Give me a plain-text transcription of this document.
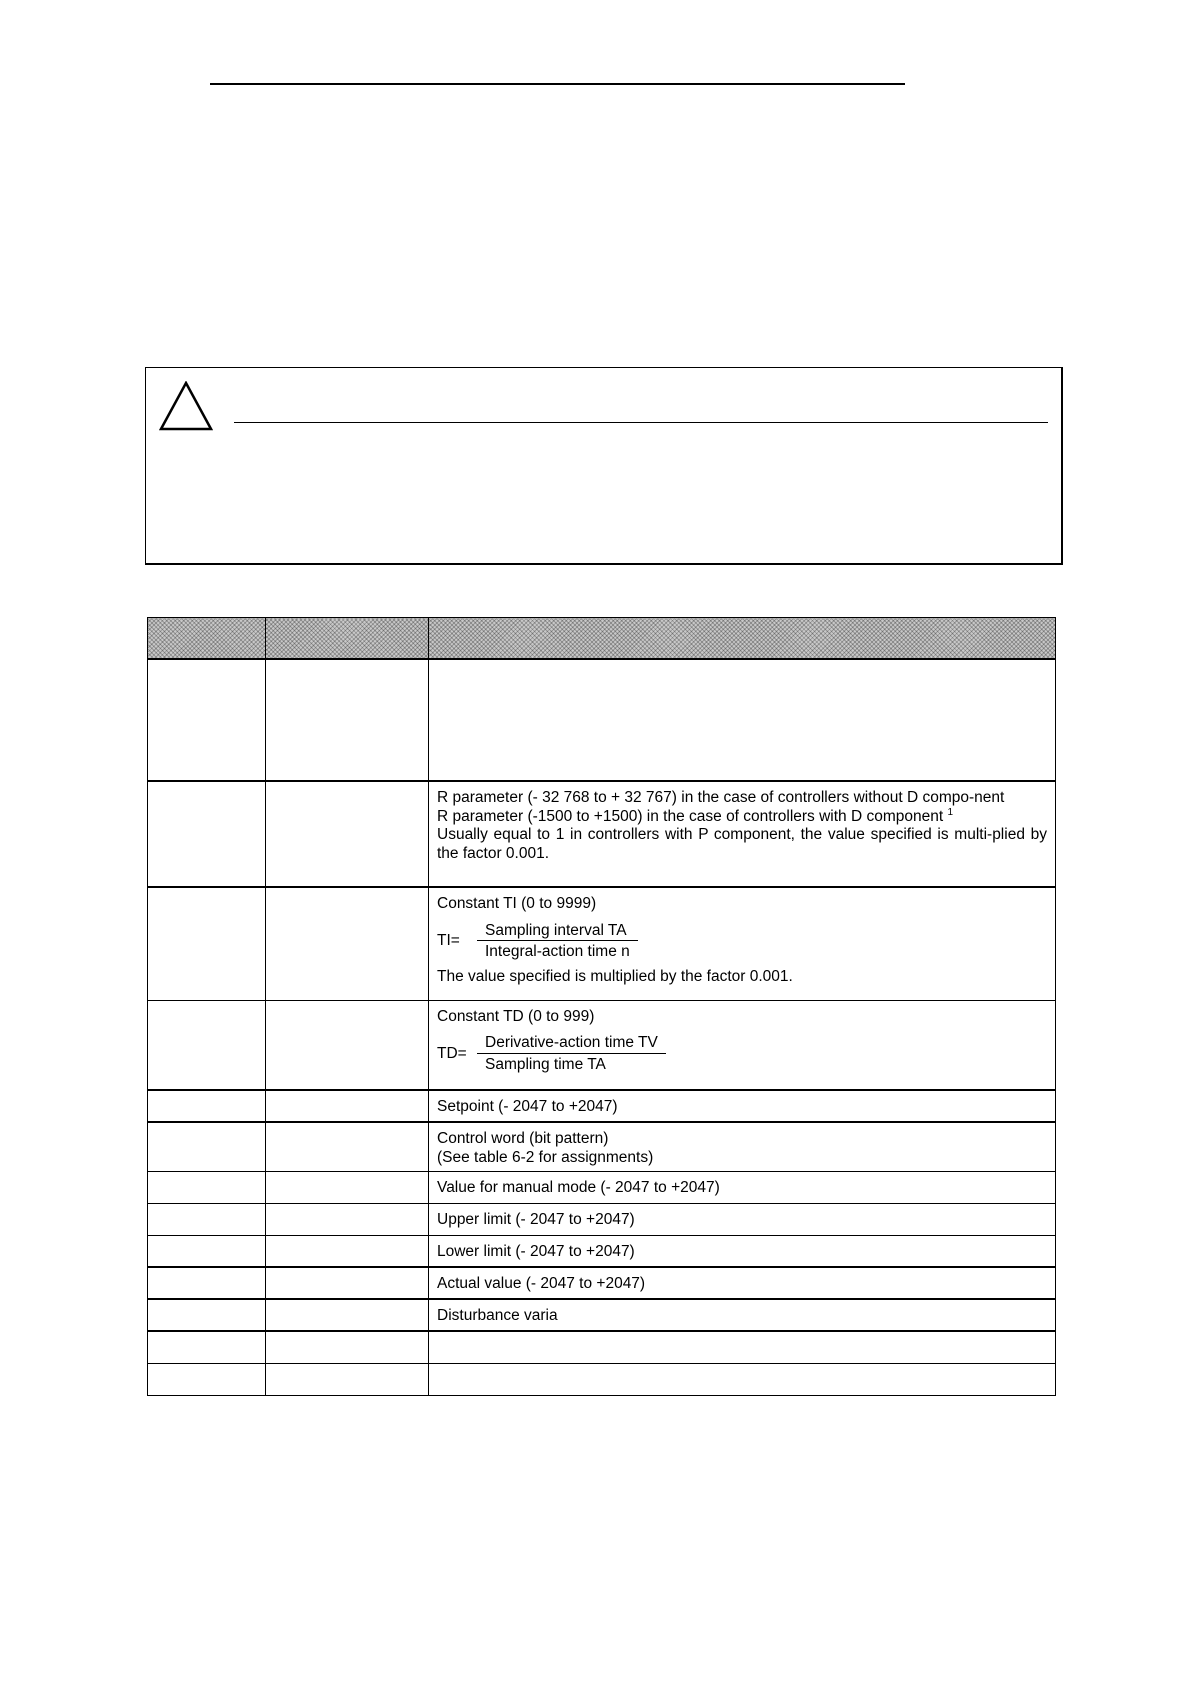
		R parameter (- 32 768 to + 32 767) in the case of controllers without D compo-nent
R parameter (-1500 to +1500) in the case of controllers with D component $^1$
Usually equal to 1 in controllers with P component, the value specified is multi-plied by the factor 0.001.

		Constant TI (0 to 9999)
$TI= \frac{\text{Sampling interval TA}}{\text{Integral-action time n}}$
The value specified is multiplied by the factor 0.001.

		Constant TD (0 to 999)
$TD= \frac{\text{Derivative-action time TV}}{\text{Sampling time TA}}$

		Setpoint (- 2047 to +2047)

		Control word (bit pattern)
(See table 6-2 for assignments)

		Value for manual mode (- 2047 to +2047)
		Upper limit (- 2047 to +2047)
		Lower limit (- 2047 to +2047)
		Actual value (- 2047 to +2047)
		Disturbance varia
